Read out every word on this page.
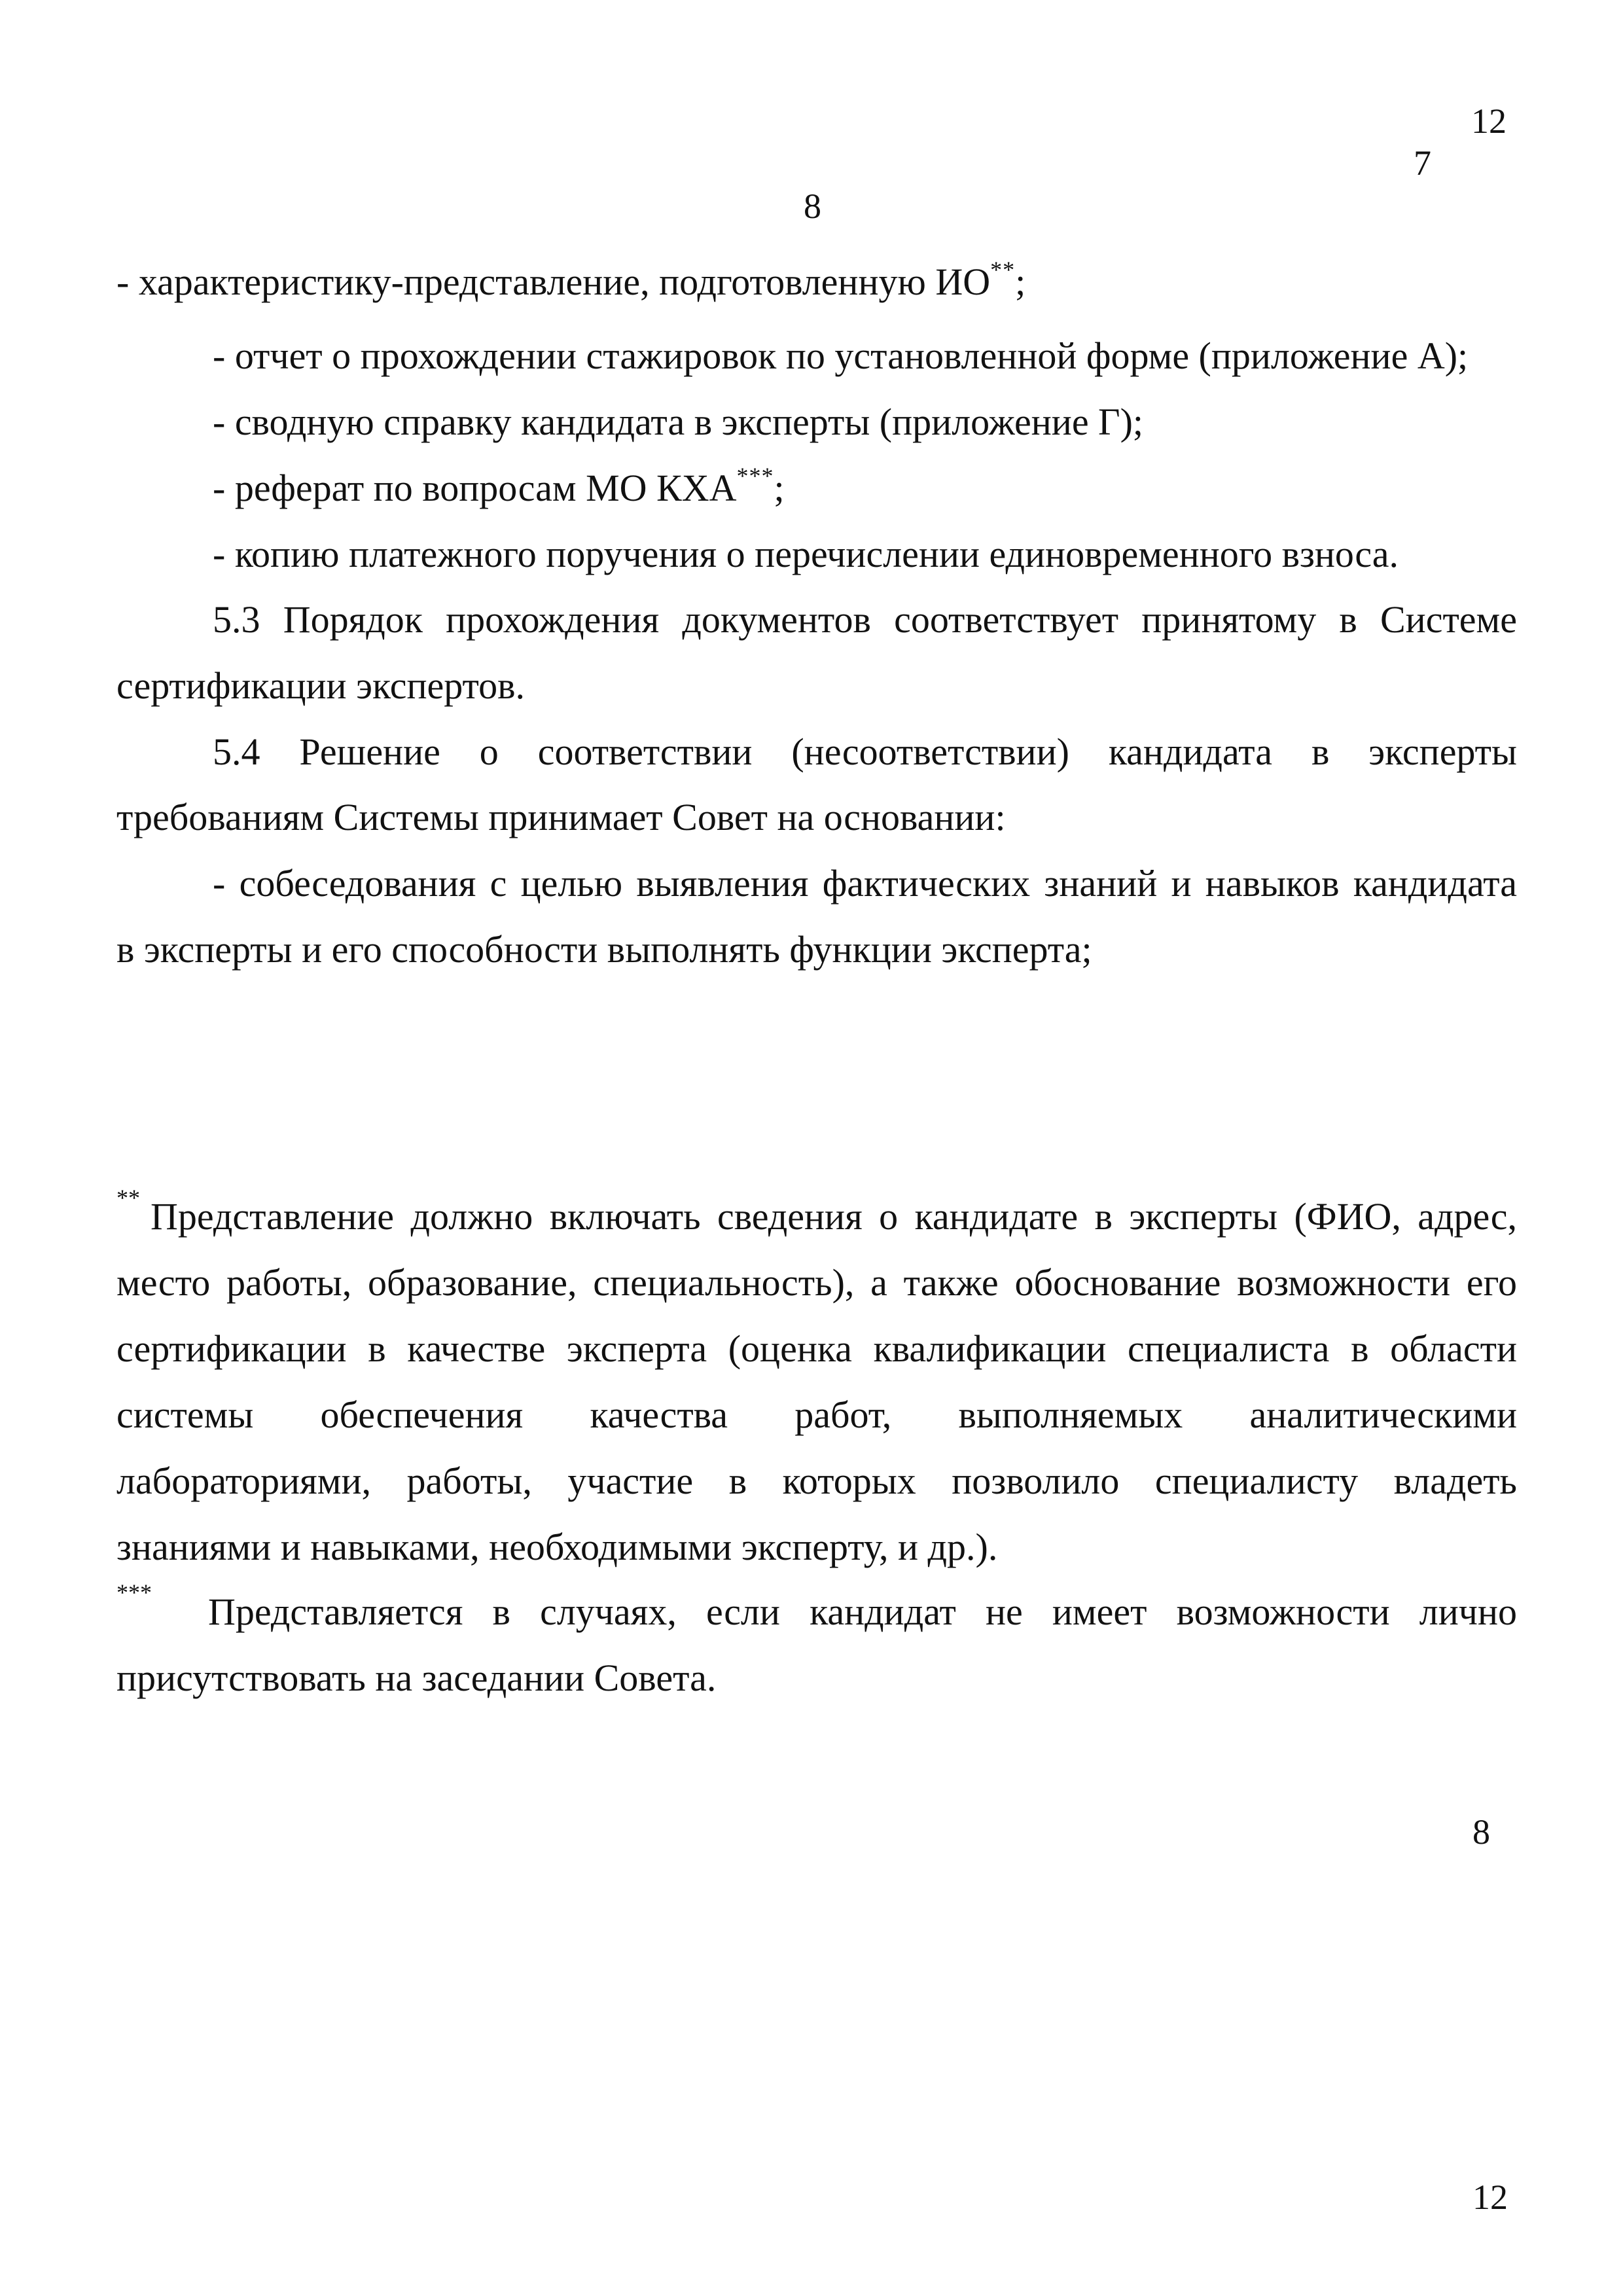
12
7
8
- характеристику-представление, подготовленную ИО**;
- отчет о прохождении стажировок по установленной форме (приложение А);
- сводную справку кандидата в эксперты (приложение Г);
- реферат по вопросам МО КХА***;
- копию платежного поручения о перечислении единовременного взноса.
5.3 Порядок прохождения документов соответствует принятому в Системе
сертификации экспертов.
5.4 Решение о соответствии (несоответствии) кандидата в эксперты
требованиям Системы принимает Совет на основании:
- собеседования с целью выявления фактических знаний и навыков кандидата
в эксперты и его способности выполнять функции эксперта;
** Представление должно включать сведения о кандидате в эксперты (ФИО, адрес,
место работы, образование, специальность), а также обоснование возможности его
сертификации в качестве эксперта (оценка квалификации специалиста в области
системы обеспечения качества работ, выполняемых аналитическими
лабораториями, работы, участие в которых позволило специалисту владеть
знаниями и навыками, необходимыми эксперту, и др.).
*** Представляется в случаях, если кандидат не имеет возможности лично
присутствовать на заседании Совета.
8
12
